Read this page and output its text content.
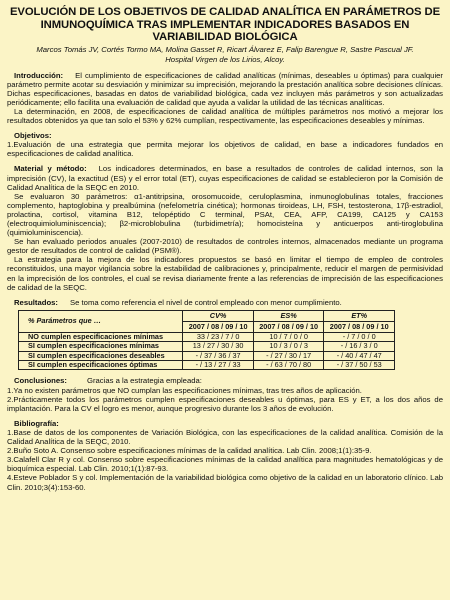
EVOLUCIÓN DE LOS OBJETIVOS DE CALIDAD ANALÍTICA EN PARÁMETROS DE INMUNOQUÍMICA TRAS IMPLEMENTAR INDICADORES BASADOS EN VARIABILIDAD BIOLÓGICA
Marcos Tomás JV, Cortés Tormo MA, Molina Gasset R, Ricart Álvarez E, Falip Barengue R, Sastre Pascual JF.
Hospital Virgen de los Lirios, Alcoy.

Introducción: El cumplimiento de especificaciones de calidad analíticas (mínimas, deseables u óptimas) para cualquier parámetro permite acotar su desviación y minimizar su imprecisión, mejorando la prestación analítica sobre decisiones clínicas. Dichas especificaciones, basadas en datos de variabilidad biológica, cada vez incluyen más parámetros y son actualizadas periódicamente; ello facilita una evaluación de calidad que ayuda a validar la utilidad de las técnicas analíticas.

La determinación, en 2008, de especificaciones de calidad analítica de múltiples parámetros nos motivó a mejorar los resultados obtenidos ya que tan solo el 53% y 62% cumplían, respectivamente, las especificaciones deseables y mínimas.

Objetivos:

1.Evaluación de una estrategia que permita mejorar los objetivos de calidad, en base a indicadores fundados en especificaciones de calidad analítica.

Material y método: Los indicadores determinados, en base a resultados de controles de calidad internos, son la imprecisión (CV), la exactitud (ES) y el error total (ET), cuyas especificaciones de calidad se establecieron por la Comisión de Calidad Analítica de la SEQC en 2010.

Se evaluaron 30 parámetros: α1-antitripsina, orosomucoide, ceruloplasmina, inmunoglobulinas totales, fracciones complemento, haptoglobina y prealbúmina (nefelometría cinética); hormonas tiroideas, LH, FSH, testosterona, 17β-estradiol, prolactina, cortisol, vitamina B12, telopéptido C terminal, PSAt, CEA, AFP, CA199, CA125 y CA153 (electroquimioluminiscencia); β2-microblobulina (turbidimetría); homocisteína y anticuerpos anti-tiroglobulina (quimioluminiscencia).

Se han evaluado periodos anuales (2007-2010) de resultados de controles internos, almacenados mediante un programa gestor de resultados de control de calidad (PSM®).

La estrategia para la mejora de los indicadores propuestos se basó en limitar el tiempo de empleo de controles reconstituidos, una mayor vigilancia sobre la estabilidad de calibraciones y, principalmente, reducir el margen de permisividad en la imprecisión de los controles, el cual se revisa diariamente frente a las referencias de imprecisión de las especificaciones de calidad de la SEQC.

Resultados: Se toma como referencia el nivel de control empleado con menor cumplimiento.

% Parámetros que …	CV%	ES%	ET%
	2007 / 08 / 09 / 10	2007 / 08 / 09 / 10	2007 / 08 / 09 / 10
NO cumplen especificaciones mínimas	33 / 23 / 7 / 0	10 / 7 / 0 / 0	- / 7 / 0 / 0
SI cumplen especificaciones mínimas	13 / 27 / 30 / 30	10 / 3 / 0 / 3	- / 16 / 3 / 0
SI cumplen especificaciones deseables	- / 37 / 36 / 37	- / 27 / 30 / 17	- / 40 / 47 / 47
SI cumplen especificaciones óptimas	- / 13 / 27 / 33	- / 63 / 70 / 80	- / 37 / 50 / 53

Conclusiones:	Gracias a la estrategia empleada:

1.Ya no existen parámetros que NO cumplan las especificaciones mínimas, tras tres años de aplicación.

2.Prácticamente todos los parámetros cumplen especificaciones deseables u óptimas, para ES y ET, a los dos años de implantación. Para la CV el logro es menor, aunque progresivo durante los 3 años de evolución.

Bibliografía:

1.Base de datos de los componentes de Variación Biológica, con las especificaciones de la calidad analítica. Comisión de la Calidad Analítica de la SEQC, 2010.

2.Buño Soto A. Consenso sobre especificaciones mínimas de la calidad analítica. Lab Clin. 2008;1(1):35-9.

3.Calafell Clar R y col. Consenso sobre especificaciones mínimas de la calidad analítica para magnitudes hematológicas y de bioquímica especial. Lab Clin. 2010;1(1):87-93.

4.Esteve Poblador S y col. Implementación de la variabilidad biológica como objetivo de la calidad en un laboratorio clínico. Lab Clin. 2010;3(4):153-60.
